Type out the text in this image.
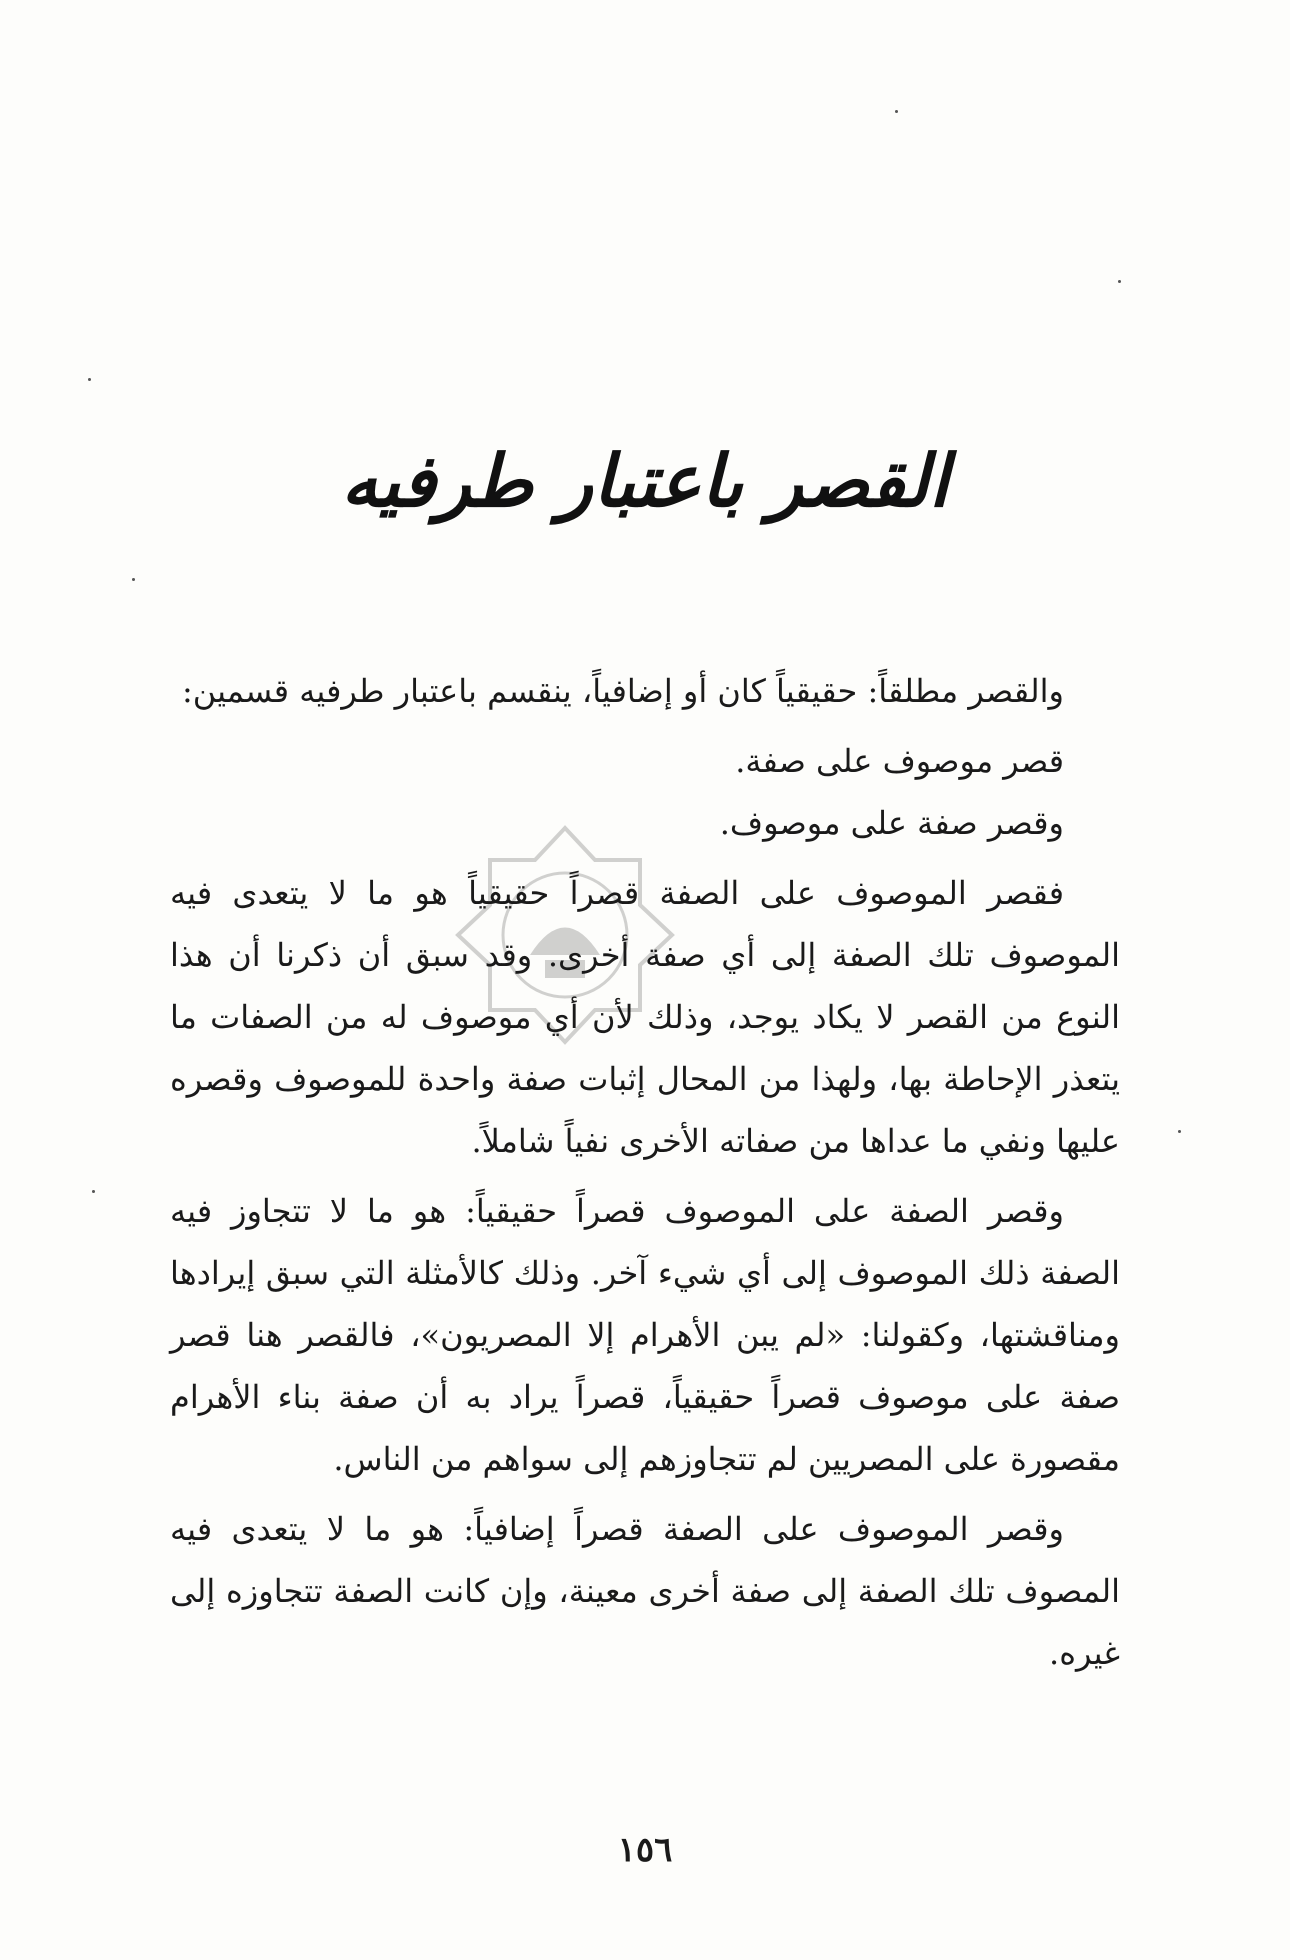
القصر باعتبار طرفيه

والقصر مطلقاً: حقيقياً كان أو إضافياً، ينقسم باعتبار طرفيه قسمين:

قصر موصوف على صفة.

وقصر صفة على موصوف.

فقصر الموصوف على الصفة قصراً حقيقياً هو ما لا يتعدى فيه الموصوف تلك الصفة إلى أي صفة أخرى. وقد سبق أن ذكرنا أن هذا النوع من القصر لا يكاد يوجد، وذلك لأن أي موصوف له من الصفات ما يتعذر الإحاطة بها، ولهذا من المحال إثبات صفة واحدة للموصوف وقصره عليها ونفي ما عداها من صفاته الأخرى نفياً شاملاً.

وقصر الصفة على الموصوف قصراً حقيقياً: هو ما لا تتجاوز فيه الصفة ذلك الموصوف إلى أي شيء آخر. وذلك كالأمثلة التي سبق إيرادها ومناقشتها، وكقولنا: «لم يبن الأهرام إلا المصريون»، فالقصر هنا قصر صفة على موصوف قصراً حقيقياً، قصراً يراد به أن صفة بناء الأهرام مقصورة على المصريين لم تتجاوزهم إلى سواهم من الناس.

وقصر الموصوف على الصفة قصراً إضافياً: هو ما لا يتعدى فيه المصوف تلك الصفة إلى صفة أخرى معينة، وإن كانت الصفة تتجاوزه إلى غيره.

١٥٦
